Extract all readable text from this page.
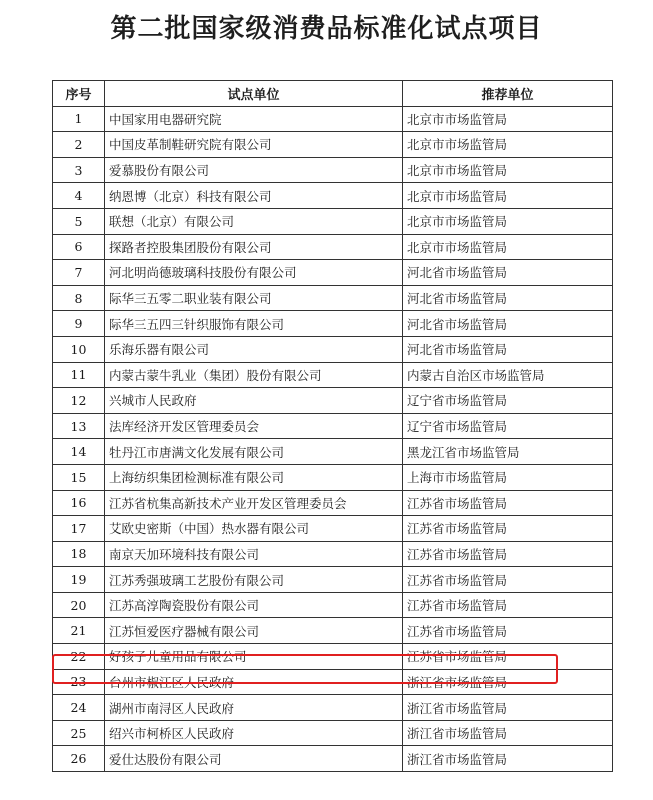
第二批国家级消费品标准化试点项目
序号	试点单位	推荐单位
1	中国家用电器研究院	北京市市场监管局
2	中国皮革制鞋研究院有限公司	北京市市场监管局
3	爱慕股份有限公司	北京市市场监管局
4	纳恩博（北京）科技有限公司	北京市市场监管局
5	联想（北京）有限公司	北京市市场监管局
6	探路者控股集团股份有限公司	北京市市场监管局
7	河北明尚德玻璃科技股份有限公司	河北省市场监管局
8	际华三五零二职业装有限公司	河北省市场监管局
9	际华三五四三针织服饰有限公司	河北省市场监管局
10	乐海乐器有限公司	河北省市场监管局
11	内蒙古蒙牛乳业（集团）股份有限公司	内蒙古自治区市场监管局
12	兴城市人民政府	辽宁省市场监管局
13	法库经济开发区管理委员会	辽宁省市场监管局
14	牡丹江市唐满文化发展有限公司	黑龙江省市场监管局
15	上海纺织集团检测标准有限公司	上海市市场监管局
16	江苏省杭集高新技术产业开发区管理委员会	江苏省市场监管局
17	艾欧史密斯（中国）热水器有限公司	江苏省市场监管局
18	南京天加环境科技有限公司	江苏省市场监管局
19	江苏秀强玻璃工艺股份有限公司	江苏省市场监管局
20	江苏高淳陶瓷股份有限公司	江苏省市场监管局
21	江苏恒爱医疗器械有限公司	江苏省市场监管局
22	好孩子儿童用品有限公司	江苏省市场监管局
23	台州市椒江区人民政府	浙江省市场监管局
24	湖州市南浔区人民政府	浙江省市场监管局
25	绍兴市柯桥区人民政府	浙江省市场监管局
26	爱仕达股份有限公司	浙江省市场监管局
